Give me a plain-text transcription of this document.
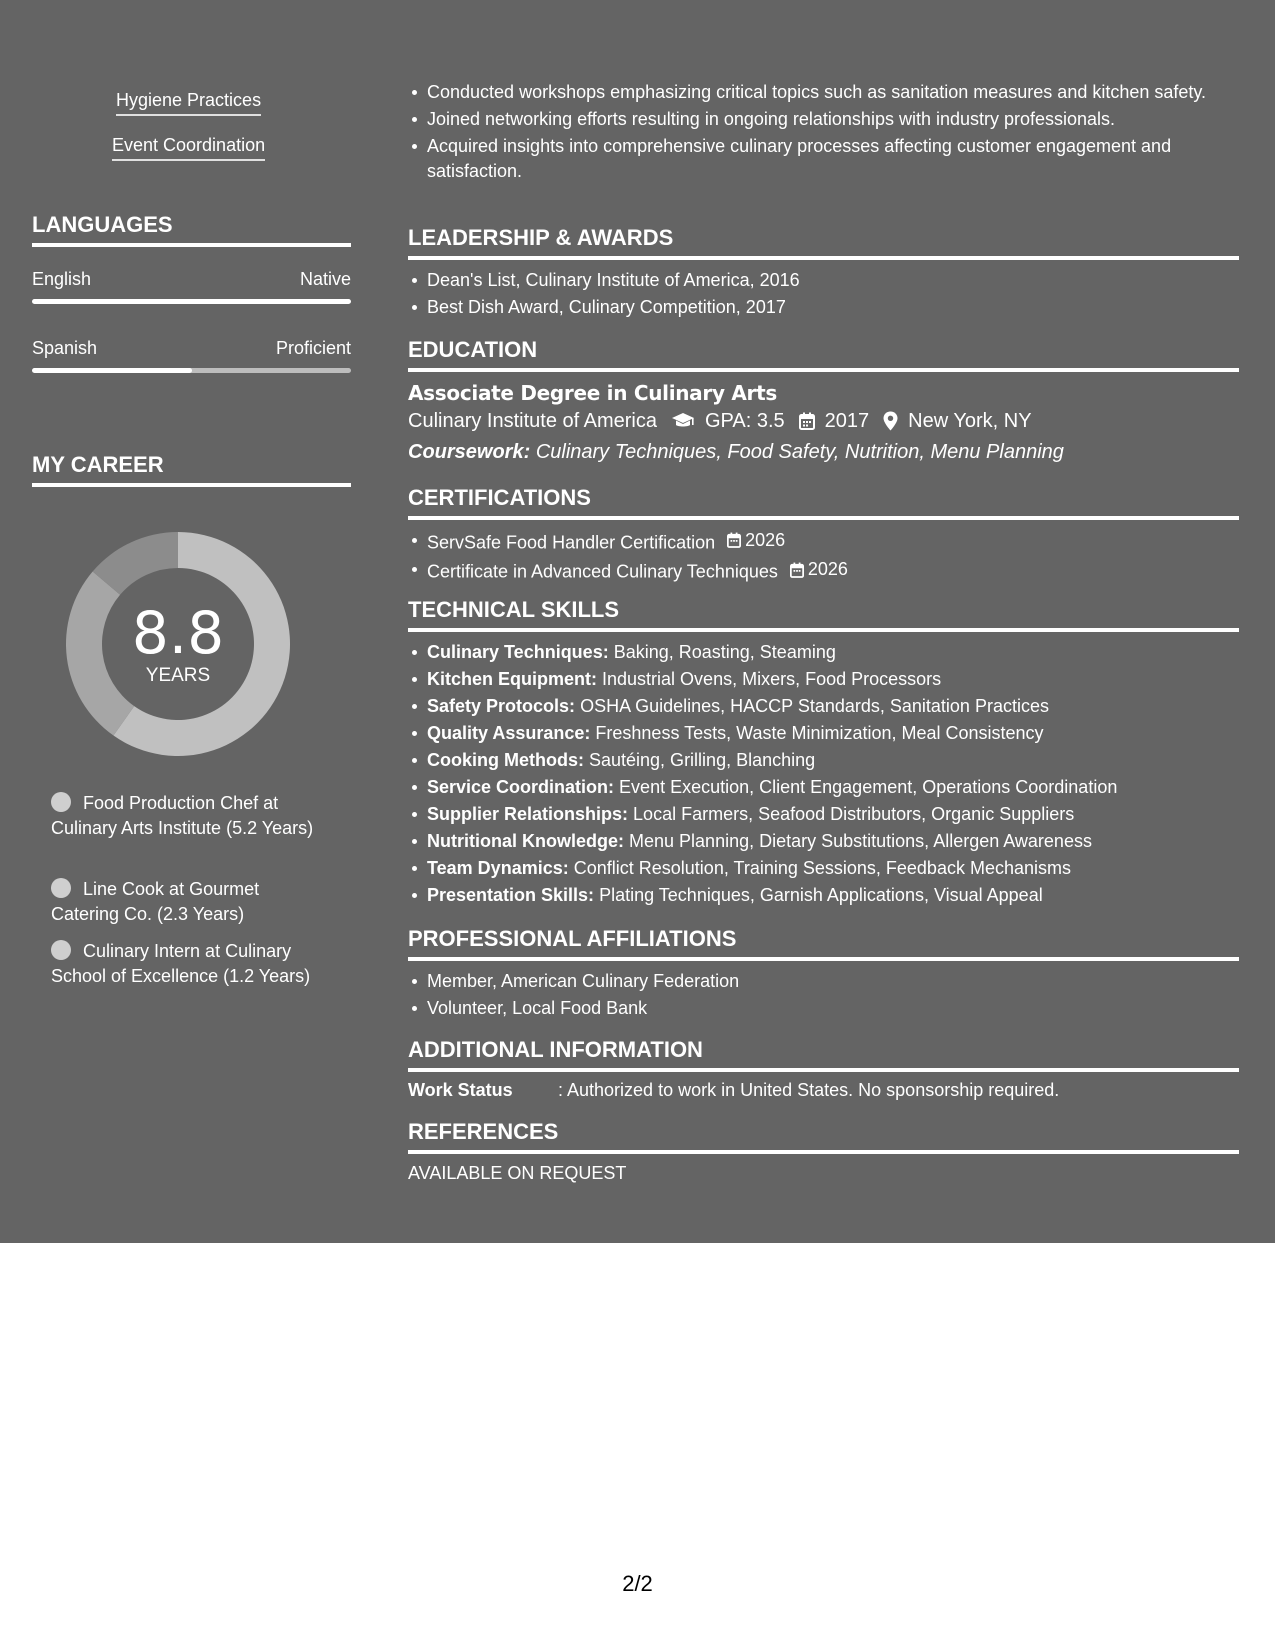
Hygiene Practices
Event Coordination
LANGUAGES
English	Native
Spanish	Proficient
MY CAREER
8.8
YEARS
Food Production Chef at Culinary Arts Institute (5.2 Years)
Line Cook at Gourmet Catering Co. (2.3 Years)
Culinary Intern at Culinary School of Excellence (1.2 Years)
Conducted workshops emphasizing critical topics such as sanitation measures and kitchen safety.
Joined networking efforts resulting in ongoing relationships with industry professionals.
Acquired insights into comprehensive culinary processes affecting customer engagement and satisfaction.
LEADERSHIP & AWARDS
Dean's List, Culinary Institute of America, 2016
Best Dish Award, Culinary Competition, 2017
EDUCATION
Associate Degree in Culinary Arts
Culinary Institute of America GPA: 3.5 2017 New York, NY
Coursework: Culinary Techniques, Food Safety, Nutrition, Menu Planning
CERTIFICATIONS
ServSafe Food Handler Certification 2026
Certificate in Advanced Culinary Techniques 2026
TECHNICAL SKILLS
Culinary Techniques: Baking, Roasting, Steaming
Kitchen Equipment: Industrial Ovens, Mixers, Food Processors
Safety Protocols: OSHA Guidelines, HACCP Standards, Sanitation Practices
Quality Assurance: Freshness Tests, Waste Minimization, Meal Consistency
Cooking Methods: Sautéing, Grilling, Blanching
Service Coordination: Event Execution, Client Engagement, Operations Coordination
Supplier Relationships: Local Farmers, Seafood Distributors, Organic Suppliers
Nutritional Knowledge: Menu Planning, Dietary Substitutions, Allergen Awareness
Team Dynamics: Conflict Resolution, Training Sessions, Feedback Mechanisms
Presentation Skills: Plating Techniques, Garnish Applications, Visual Appeal
PROFESSIONAL AFFILIATIONS
Member, American Culinary Federation
Volunteer, Local Food Bank
ADDITIONAL INFORMATION
Work Status	: Authorized to work in United States. No sponsorship required.
REFERENCES
AVAILABLE ON REQUEST
2/2
